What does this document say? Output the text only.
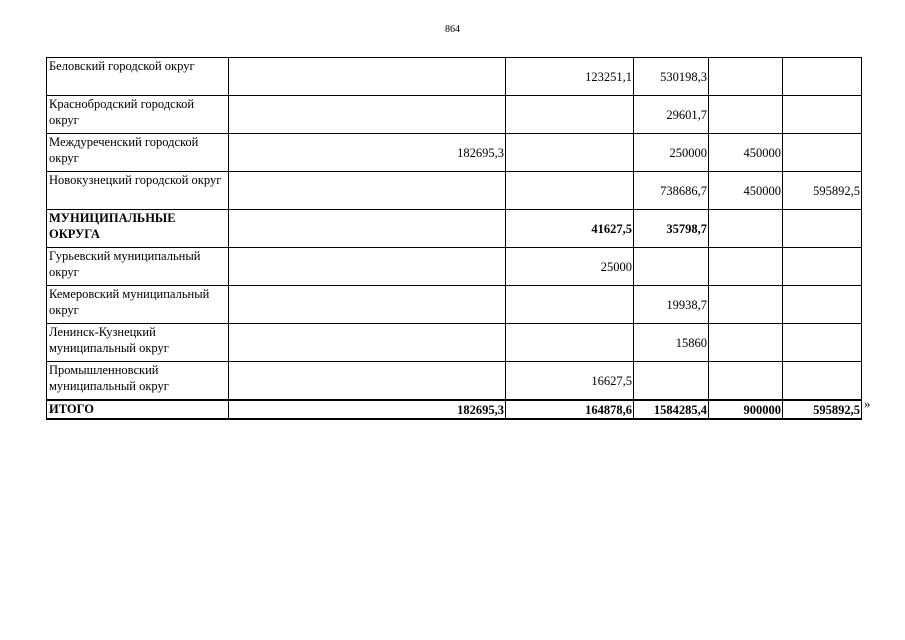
864
Беловский городской округ		123251,1	530198,3		
Краснобродский городской округ			29601,7		
Междуреченский городской округ	182695,3		250000	450000	
Новокузнецкий городской округ			738686,7	450000	595892,5
МУНИЦИПАЛЬНЫЕ ОКРУГА		41627,5	35798,7		
Гурьевский муниципальный округ		25000			
Кемеровский муниципальный округ			19938,7		
Ленинск-Кузнецкий муниципальный округ			15860		
Промышленновский муниципальный округ		16627,5			
ИТОГО	182695,3	164878,6	1584285,4	900000	595892,5 »
